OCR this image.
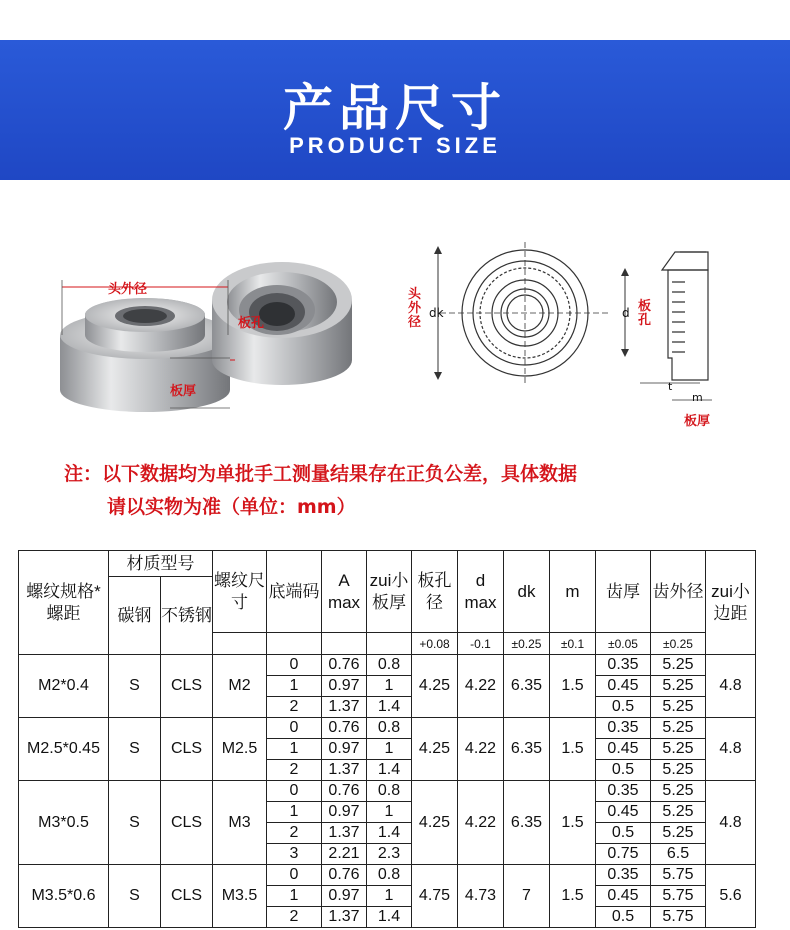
产品尺寸
PRODUCT SIZE
头外径
板孔
板厚
头外径
dk	d 板孔
t
m
板厚
注：以下数据均为单批手工测量结果存在正负公差，具体数据
请以实物为准（单位：mm）
螺纹规格*螺距	材质型号		螺纹尺寸	底端码	A max	zui小板厚	板孔径	d max	dk	m	齿厚	齿外径	zui小边距
	碳钢	不锈钢											
							+0.08	-0.1	±0.25	±0.1	±0.05	±0.25	
M2*0.4	S	CLS	M2	0	0.76	0.8	4.25	4.22	6.35	1.5	0.35	5.25	4.8
				1	0.97	1					0.45	5.25	
				2	1.37	1.4					0.5	5.25	
M2.5*0.45	S	CLS	M2.5	0	0.76	0.8	4.25	4.22	6.35	1.5	0.35	5.25	4.8
				1	0.97	1					0.45	5.25	
				2	1.37	1.4					0.5	5.25	
M3*0.5	S	CLS	M3	0	0.76	0.8	4.25	4.22	6.35	1.5	0.35	5.25	4.8
				1	0.97	1					0.45	5.25	
				2	1.37	1.4					0.5	5.25	
				3	2.21	2.3					0.75	6.5	
M3.5*0.6	S	CLS	M3.5	0	0.76	0.8	4.75	4.73	7	1.5	0.35	5.75	5.6
				1	0.97	1					0.45	5.75	
				2	1.37	1.4					0.5	5.75	
